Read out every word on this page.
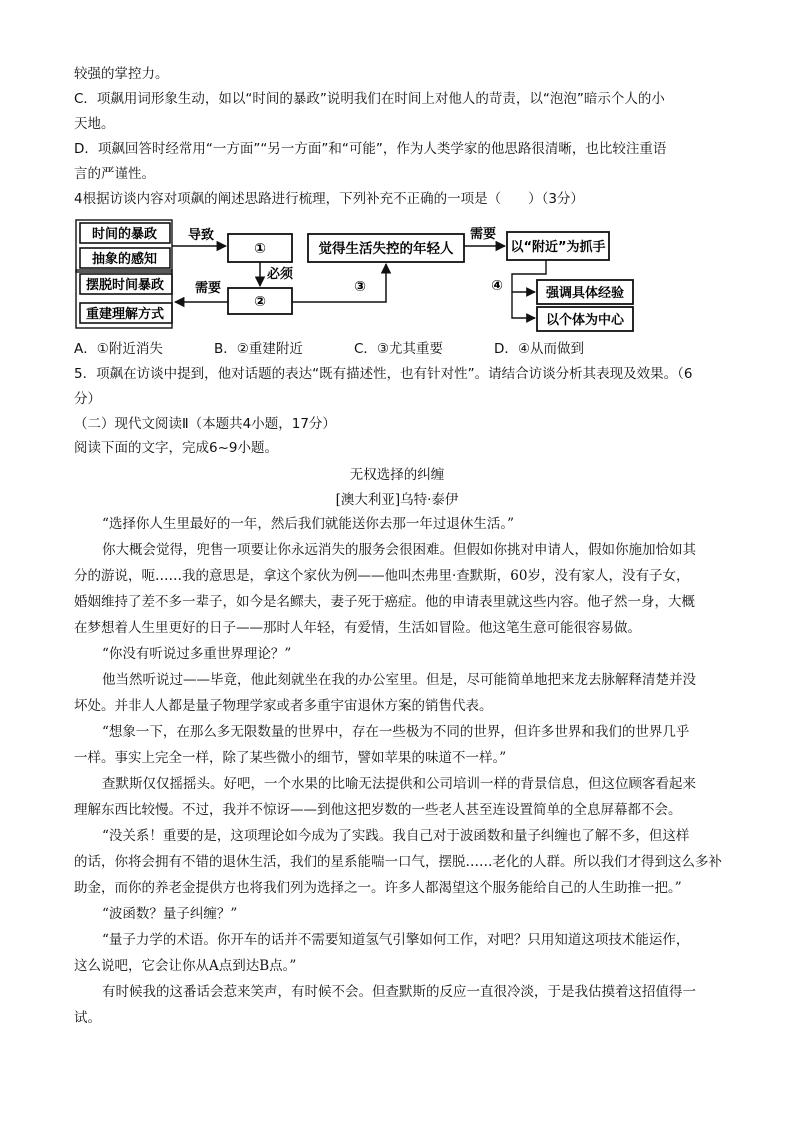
较强的掌控力。
C．项飙用词形象生动，如以“时间的暴政”说明我们在时间上对他人的苛责，以“泡泡”暗示个人的小
天地。
D．项飙回答时经常用“一方面”“另一方面”和“可能”，作为人类学家的他思路很清晰，也比较注重语
言的严谨性。
4根据访谈内容对项飙的阐述思路进行梳理，下列补充不正确的一项是（　　）（3分）
时间的暴政
抽象的感知
摆脱时间暴政
重建理解方式
①
导致
必须
②
需要
觉得生活失控的年轻人
③
需要
以“附近”为抓手
④	强调具体经验
以个体为中心
A．①附近消失	B．②重建附近	C．③尤其重要	D．④从而做到
5．项飙在访谈中提到，他对话题的表达“既有描述性，也有针对性”。请结合访谈分析其表现及效果。（6
分）
（二）现代文阅读Ⅱ（本题共4小题，17分）
阅读下面的文字，完成6~9小题。
无权选择的纠缠
[澳大利亚]乌特·泰伊
“选择你人生里最好的一年，然后我们就能送你去那一年过退休生活。”
你大概会觉得，兜售一项要让你永远消失的服务会很困难。但假如你挑对申请人，假如你施加恰如其
分的游说，呃……我的意思是，拿这个家伙为例——他叫杰弗里·查默斯，60岁，没有家人，没有子女，
婚姻维持了差不多一辈子，如今是名鳏夫，妻子死于癌症。他的申请表里就这些内容。他孑然一身，大概
在梦想着人生里更好的日子——那时人年轻，有爱情，生活如冒险。他这笔生意可能很容易做。
“你没有听说过多重世界理论？”
他当然听说过——毕竟，他此刻就坐在我的办公室里。但是，尽可能简单地把来龙去脉解释清楚并没
坏处。并非人人都是量子物理学家或者多重宇宙退休方案的销售代表。
“想象一下，在那么多无限数量的世界中，存在一些极为不同的世界，但许多世界和我们的世界几乎
一样。事实上完全一样，除了某些微小的细节，譬如苹果的味道不一样。”
查默斯仅仅摇摇头。好吧，一个水果的比喻无法提供和公司培训一样的背景信息，但这位顾客看起来
理解东西比较慢。不过，我并不惊讶——到他这把岁数的一些老人甚至连设置简单的全息屏幕都不会。
“没关系！重要的是，这项理论如今成为了实践。我自己对于波函数和量子纠缠也了解不多，但这样
的话，你将会拥有不错的退休生活，我们的星系能喘一口气，摆脱……老化的人群。所以我们才得到这么多补
助金，而你的养老金提供方也将我们列为选择之一。许多人都渴望这个服务能给自己的人生助推一把。”
“波函数？量子纠缠？”
“量子力学的术语。你开车的话并不需要知道氢气引擎如何工作，对吧？只用知道这项技术能运作，
这么说吧，它会让你从A点到达B点。”
有时候我的这番话会惹来笑声，有时候不会。但查默斯的反应一直很冷淡，于是我估摸着这招值得一
试。
